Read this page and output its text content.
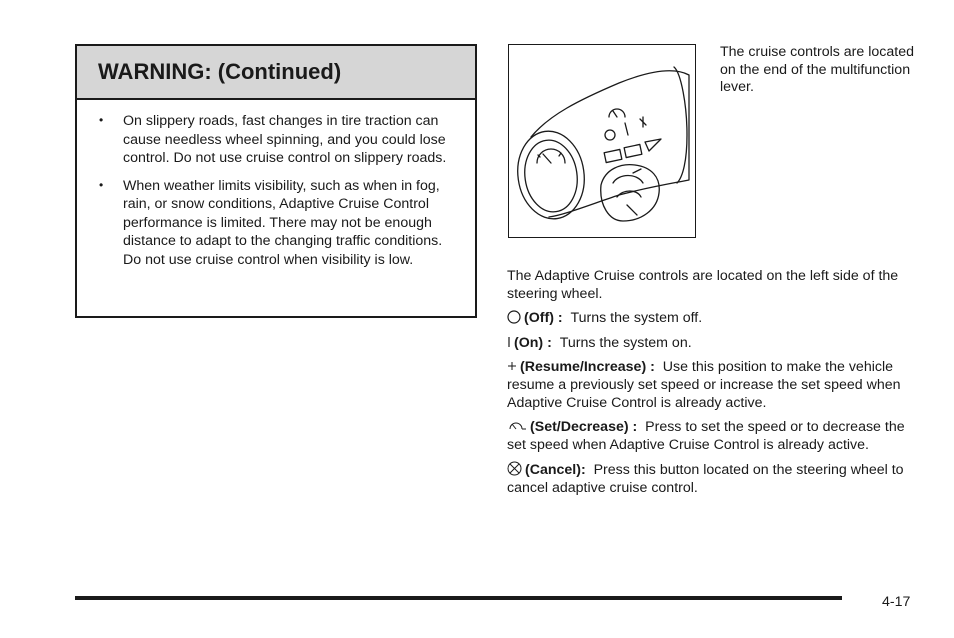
WARNING: (Continued)
• On slippery roads, fast changes in tire traction can cause needless wheel spinning, and you could lose control. Do not use cruise control on slippery roads.
• When weather limits visibility, such as when in fog, rain, or snow conditions, Adaptive Cruise Control performance is limited. There may not be enough distance to adapt to the changing traffic conditions. Do not use cruise control when visibility is low.
The cruise controls are located on the end of the multifunction lever.

The Adaptive Cruise controls are located on the left side of the steering wheel.

(Off) : Turns the system off.

(On) : Turns the system on.

(Resume/Increase) : Use this position to make the vehicle resume a previously set speed or increase the set speed when Adaptive Cruise Control is already active.

(Set/Decrease) : Press to set the speed or to decrease the set speed when Adaptive Cruise Control is already active.

(Cancel): Press this button located on the steering wheel to cancel adaptive cruise control.

4-17
